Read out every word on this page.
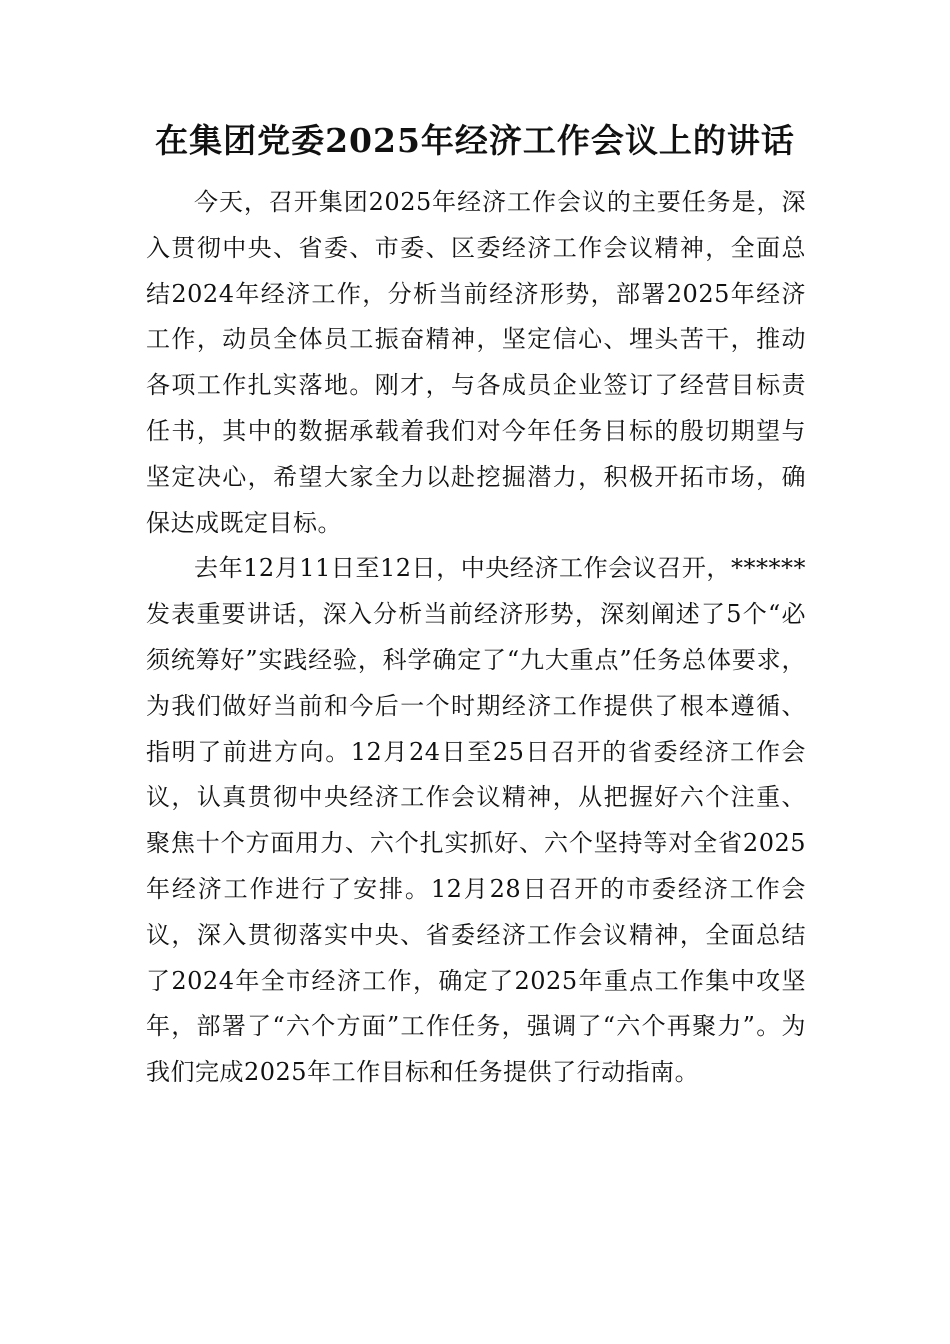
在集团党委2025年经济工作会议上的讲话

今天，召开集团2025年经济工作会议的主要任务是，深入贯彻中央、省委、市委、区委经济工作会议精神，全面总结2024年经济工作，分析当前经济形势，部署2025年经济工作，动员全体员工振奋精神，坚定信心、埋头苦干，推动各项工作扎实落地。刚才，与各成员企业签订了经营目标责任书，其中的数据承载着我们对今年任务目标的殷切期望与坚定决心，希望大家全力以赴挖掘潜力，积极开拓市场，确保达成既定目标。

去年12月11日至12日，中央经济工作会议召开，******发表重要讲话，深入分析当前经济形势，深刻阐述了5个“必须统筹好”实践经验，科学确定了“九大重点”任务总体要求，为我们做好当前和今后一个时期经济工作提供了根本遵循、指明了前进方向。12月24日至25日召开的省委经济工作会议，认真贯彻中央经济工作会议精神，从把握好六个注重、聚焦十个方面用力、六个扎实抓好、六个坚持等对全省2025年经济工作进行了安排。12月28日召开的市委经济工作会议，深入贯彻落实中央、省委经济工作会议精神，全面总结了2024年全市经济工作，确定了2025年重点工作集中攻坚年，部署了“六个方面”工作任务，强调了“六个再聚力”。为我们完成2025年工作目标和任务提供了行动指南。
